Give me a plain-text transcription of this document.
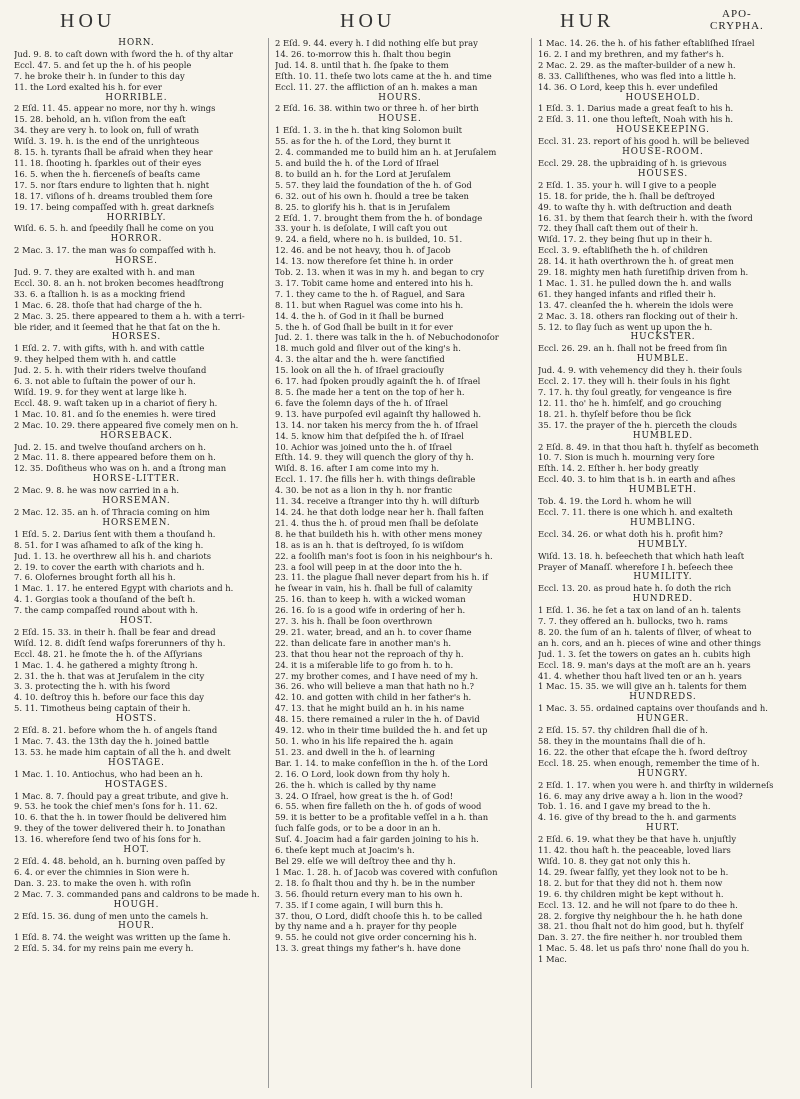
HOU	HOU	HUR	APO-
CRYPHA.
HORN.
Jud. 9. 8. to caſt down with ſword the h. of thy altar
Eccl. 47. 5. and ſet up the h. of his people
7. he broke their h. in ſunder to this day
11. the Lord exalted his h. for ever
HORRIBLE.
2 Eſd. 11. 45. appear no more, nor thy h. wings
15. 28. behold, an h. viſion from the eaſt
34. they are very h. to look on, full of wrath
Wiſd. 3. 19. h. is the end of the unrighteous
8. 15. h. tyrants ſhall be afraid when they hear
11. 18. ſhooting h. ſparkles out of their eyes
16. 5. when the h. fierceneſs of beaſts came
17. 5. nor ſtars endure to lighten that h. night
18. 17. viſions of h. dreams troubled them ſore
19. 17. being compaſſed with h. great darkneſs
HORRIBLY.
Wiſd. 6. 5. h. and ſpeedily ſhall he come on you
HORROR.
2 Mac. 3. 17. the man was ſo compaſſed with h.
HORSE.
Jud. 9. 7. they are exalted with h. and man
Eccl. 30. 8. an h. not broken becomes headſtrong
33. 6. a ſtallion h. is as a mocking friend
1 Mac. 6. 28. thoſe that had charge of the h.
2 Mac. 3. 25. there appeared to them a h. with a terri-
ble rider, and it ſeemed that he that ſat on the h.
HORSES.
1 Eſd. 2. 7. with gifts, with h. and with cattle
9. they helped them with h. and cattle
Jud. 2. 5. h. with their riders twelve thouſand
6. 3. not able to ſuſtain the power of our h.
Wiſd. 19. 9. for they went at large like h.
Eccl. 48. 9. waſt taken up in a chariot of fiery h.
1 Mac. 10. 81. and ſo the enemies h. were tired
2 Mac. 10. 29. there appeared five comely men on h.
HORSEBACK.
Jud. 2. 15. and twelve thouſand archers on h.
2 Mac. 11. 8. there appeared before them on h.
12. 35. Doſitheus who was on h. and a ſtrong man
HORSE-LITTER.
2 Mac. 9. 8. he was now carried in a h.
HORSEMAN.
2 Mac. 12. 35. an h. of Thracia coming on him
HORSEMEN.
1 Eſd. 5. 2. Darius ſent with them a thouſand h.
8. 51. for I was aſhamed to aſk of the king h.
Jud. 1. 13. he overthrew all his h. and chariots
2. 19. to cover the earth with chariots and h.
7. 6. Olofernes brought forth all his h.
1 Mac. 1. 17. he entered Egypt with chariots and h.
4. 1. Gorgias took a thouſand of the beſt h.
7. the camp compaſſed round about with h.
HOST.
2 Eſd. 15. 33. in their h. ſhall be fear and dread
Wiſd. 12. 8. didſt ſend waſps forerunners of thy h.
Eccl. 48. 21. he ſmote the h. of the Aſſyrians
1 Mac. 1. 4. he gathered a mighty ſtrong h.
2. 31. the h. that was at Jeruſalem in the city
3. 3. protecting the h. with his ſword
4. 10. deſtroy this h. before our face this day
5. 11. Timotheus being captain of their h.
HOSTS.
2 Eſd. 8. 21. before whom the h. of angels ſtand
1 Mac. 7. 43. the 13th day the h. joined battle
13. 53. he made him captain of all the h. and dwelt
HOSTAGE.
1 Mac. 1. 10. Antiochus, who had been an h.
HOSTAGES.
1 Mac. 8. 7. ſhould pay a great tribute, and give h.
9. 53. he took the chief men's ſons for h. 11. 62.
10. 6. that the h. in tower ſhould be delivered him
9. they of the tower delivered their h. to Jonathan
13. 16. wherefore ſend two of his ſons for h.
HOT.
2 Eſd. 4. 48. behold, an h. burning oven paſſed by
6. 4. or ever the chimnies in Sion were h.
Dan. 3. 23. to make the oven h. with roſin
2 Mac. 7. 3. commanded pans and caldrons to be made h.
HOUGH.
2 Eſd. 15. 36. dung of men unto the camels h.
HOUR.
1 Eſd. 8. 74. the weight was written up the ſame h.
2 Eſd. 5. 34. for my reins pain me every h.
2 Eſd. 9. 44. every h. I did nothing elſe but pray
14. 26. to-morrow this h. ſhalt thou begin
Jud. 14. 8. until that h. ſhe ſpake to them
Eſth. 10. 11. theſe two lots came at the h. and time
Eccl. 11. 27. the affliction of an h. makes a man
HOURS.
2 Eſd. 16. 38. within two or three h. of her birth
HOUSE.
1 Eſd. 1. 3. in the h. that king Solomon built
55. as for the h. of the Lord, they burnt it
2. 4. commanded me to build him an h. at Jeruſalem
5. and build the h. of the Lord of Iſrael
8. to build an h. for the Lord at Jeruſalem
5. 57. they laid the foundation of the h. of God
6. 32. out of his own h. ſhould a tree be taken
8. 25. to glorify his h. that is in Jeruſalem
2 Eſd. 1. 7. brought them from the h. of bondage
33. your h. is deſolate, I will caſt you out
9. 24. a field, where no h. is builded, 10. 51.
12. 46. and be not heavy, thou h. of Jacob
14. 13. now therefore ſet thine h. in order
Tob. 2. 13. when it was in my h. and began to cry
3. 17. Tobit came home and entered into his h.
7. 1. they came to the h. of Raguel, and Sara
8. 11. but when Raguel was come into his h.
14. 4. the h. of God in it ſhall be burned
5. the h. of God ſhall be built in it for ever
Jud. 2. 1. there was talk in the h. of Nebuchodonoſor
18. much gold and ſilver out of the king's h.
4. 3. the altar and the h. were ſanctified
15. look on all the h. of Iſrael graciouſly
6. 17. had ſpoken proudly againſt the h. of Iſrael
8. 5. ſhe made her a tent on the top of her h.
6. fave the ſolemn days of the h. of Iſrael
9. 13. have purpoſed evil againſt thy hallowed h.
13. 14. nor taken his mercy from the h. of Iſrael
14. 5. know him that deſpiſed the h. of Iſrael
10. Achior was joined unto the h. of Iſrael
Eſth. 14. 9. they will quench the glory of thy h.
Wiſd. 8. 16. after I am come into my h.
Eccl. 1. 17. ſhe fills her h. with things deſirable
4. 30. be not as a lion in thy h. nor frantic
11. 34. receive a ſtranger into thy h. will diſturb
14. 24. he that doth lodge near her h. ſhall faſten
21. 4. thus the h. of proud men ſhall be deſolate
8. he that buildeth his h. with other mens money
18. as is an h. that is deſtroyed, ſo is wiſdom
22. a fooliſh man's foot is ſoon in his neighbour's h.
23. a fool will peep in at the door into the h.
23. 11. the plague ſhall never depart from his h. if
he ſwear in vain, his h. ſhall be full of calamity
25. 16. than to keep h. with a wicked woman
26. 16. ſo is a good wife in ordering of her h.
27. 3. his h. ſhall be ſoon overthrown
29. 21. water, bread, and an h. to cover ſhame
22. than delicate fare in another man's h.
23. that thou hear not the reproach of thy h.
24. it is a miſerable life to go from h. to h.
27. my brother comes, and I have need of my h.
36. 26. who will believe a man that hath no h.?
42. 10. and gotten with child in her father's h.
47. 13. that he might build an h. in his name
48. 15. there remained a ruler in the h. of David
49. 12. who in their time builded the h. and ſet up
50. 1. who in his life repaired the h. again
51. 23. and dwell in the h. of learning
Bar. 1. 14. to make confeſſion in the h. of the Lord
2. 16. O Lord, look down from thy holy h.
26. the h. which is called by thy name
3. 24. O Iſrael, how great is the h. of God!
6. 55. when fire falleth on the h. of gods of wood
59. it is better to be a profitable veſſel in a h. than
ſuch falſe gods, or to be a door in an h.
Suſ. 4. Joacim had a fair garden joining to his h.
6. theſe kept much at Joacim's h.
Bel 29. elſe we will deſtroy thee and thy h.
1 Mac. 1. 28. h. of Jacob was covered with confuſion
2. 18. ſo ſhalt thou and thy h. be in the number
3. 56. ſhould return every man to his own h.
7. 35. if I come again, I will burn this h.
37. thou, O Lord, didſt chooſe this h. to be called
by thy name and a h. prayer for thy people
9. 55. he could not give order concerning his h.
13. 3. great things my father's h. have done
1 Mac. 14. 26. the h. of his father eſtabliſhed Iſrael
16. 2. I and my brethren, and my father's h.
2 Mac. 2. 29. as the maſter-builder of a new h.
8. 33. Calliſthenes, who was fled into a little h.
14. 36. O Lord, keep this h. ever undefiled
HOUSEHOLD.
1 Eſd. 3. 1. Darius made a great feaſt to his h.
2 Eſd. 3. 11. one thou lefteſt, Noah with his h.
HOUSEKEEPING.
Eccl. 31. 23. report of his good h. will be believed
HOUSE-ROOM.
Eccl. 29. 28. the upbraiding of h. is grievous
HOUSES.
2 Eſd. 1. 35. your h. will I give to a people
15. 18. for pride, the h. ſhall be deſtroyed
49. to waſte thy h. with deſtruction and death
16. 31. by them that ſearch their h. with the ſword
72. they ſhall caſt them out of their h.
Wiſd. 17. 2. they being ſhut up in their h.
Eccl. 3. 9. eſtabliſheth the h. of children
28. 14. it hath overthrown the h. of great men
29. 18. mighty men hath ſuretiſhip driven from h.
1 Mac. 1. 31. he pulled down the h. and walls
61. they hanged infants and rifled their h.
13. 47. cleanſed the h. wherein the idols were
2 Mac. 3. 18. others ran flocking out of their h.
5. 12. to ſlay ſuch as went up upon the h.
HUCKSTER.
Eccl. 26. 29. an h. ſhall not be freed from ſin
HUMBLE.
Jud. 4. 9. with vehemency did they h. their ſouls
Eccl. 2. 17. they will h. their ſouls in his ſight
7. 17. h. thy ſoul greatly, for vengeance is fire
12. 11. tho' he h. himſelf, and go crouching
18. 21. h. thyſelf before thou be ſick
35. 17. the prayer of the h. pierceth the clouds
HUMBLED.
2 Eſd. 8. 49. in that thou haſt h. thyſelf as becometh
10. 7. Sion is much h. mourning very ſore
Eſth. 14. 2. Eſther h. her body greatly
Eccl. 40. 3. to him that is h. in earth and aſhes
HUMBLETH.
Tob. 4. 19. the Lord h. whom he will
Eccl. 7. 11. there is one which h. and exalteth
HUMBLING.
Eccl. 34. 26. or what doth his h. profit him?
HUMBLY.
Wiſd. 13. 18. h. beſeecheth that which hath leaſt
Prayer of Manaſſ. wherefore I h. beſeech thee
HUMILITY.
Eccl. 13. 20. as proud hate h. ſo doth the rich
HUNDRED.
1 Eſd. 1. 36. he ſet a tax on land of an h. talents
7. 7. they offered an h. bullocks, two h. rams
8. 20. the ſum of an h. talents of ſilver, of wheat to
an h. cors, and an h. pieces of wine and other things
Jud. 1. 3. ſet the towers on gates an h. cubits high
Eccl. 18. 9. man's days at the moſt are an h. years
41. 4. whether thou haſt lived ten or an h. years
1 Mac. 15. 35. we will give an h. talents for them
HUNDREDS.
1 Mac. 3. 55. ordained captains over thouſands and h.
HUNGER.
2 Eſd. 15. 57. thy children ſhall die of h.
58. they in the mountains ſhall die of h.
16. 22. the other that eſcape the h. ſword deſtroy
Eccl. 18. 25. when enough, remember the time of h.
HUNGRY.
2 Eſd. 1. 17. when you were h. and thirſty in wilderneſs
16. 6. may any drive away a h. lion in the wood?
Tob. 1. 16. and I gave my bread to the h.
4. 16. give of thy bread to the h. and garments
HURT.
2 Eſd. 6. 19. what they be that have h. unjuſtly
11. 42. thou haſt h. the peaceable, loved liars
Wiſd. 10. 8. they gat not only this h.
14. 29. ſwear falſly, yet they look not to be h.
18. 2. but for that they did not h. them now
19. 6. thy children might be kept without h.
Eccl. 13. 12. and he will not ſpare to do thee h.
28. 2. forgive thy neighbour the h. he hath done
38. 21. thou ſhalt not do him good, but h. thyſelf
Dan. 3. 27. the fire neither h. nor troubled them
1 Mac. 5. 48. let us paſs thro' none ſhall do you h.
1 Mac.
